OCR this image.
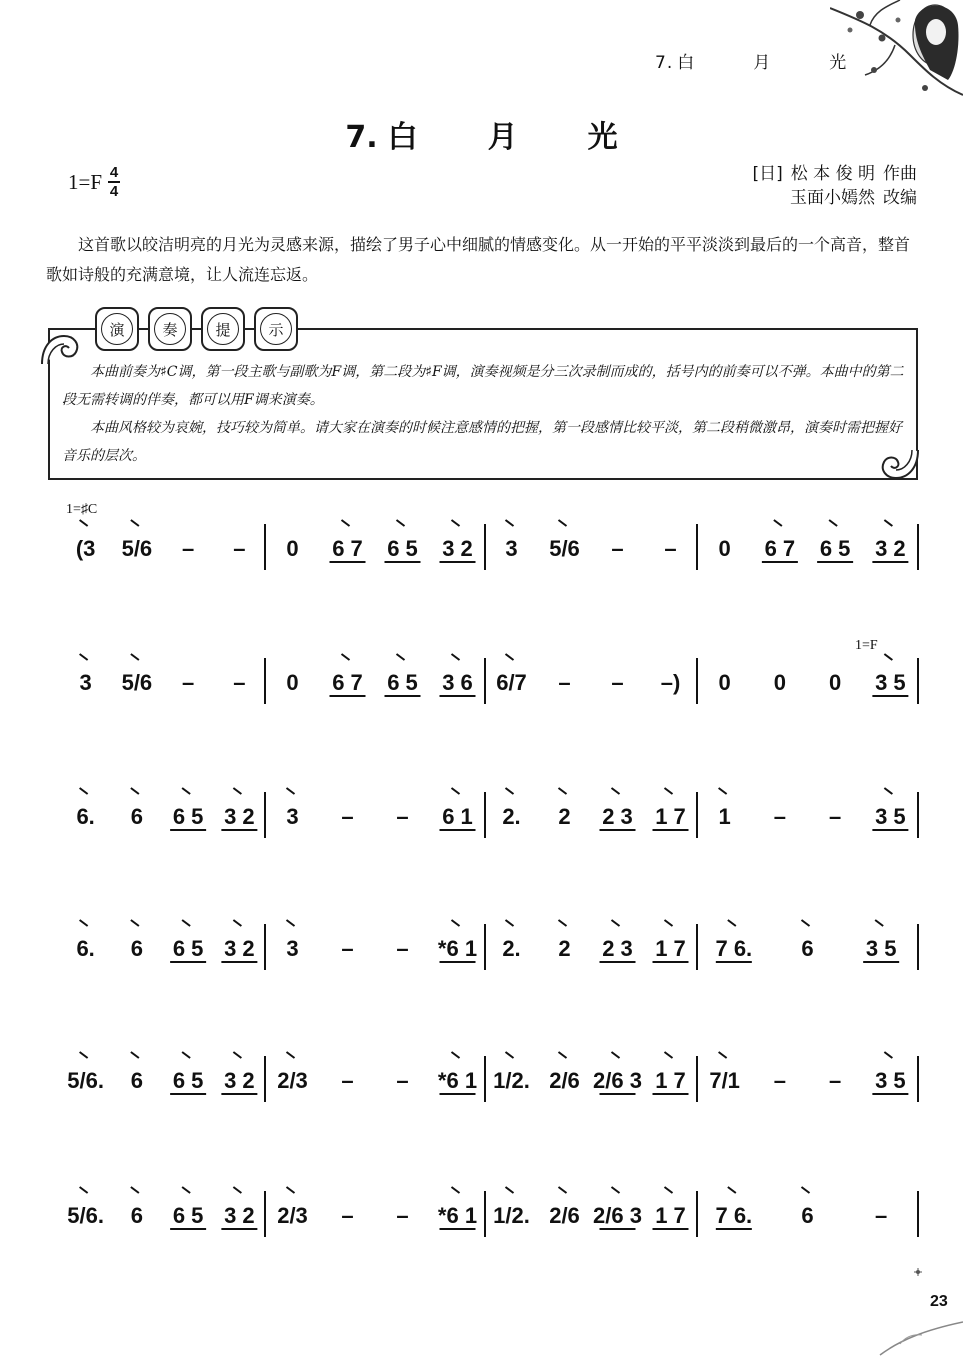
7. 白	月	光
7. 白 月 光
1=F 4
4
[日] 松 本 俊 明 作曲
玉面小嫣然 改编
这首歌以皎洁明亮的月光为灵感来源，描绘了男子心中细腻的情感变化。从一开始的平平淡淡到最后的一个高音，整首歌如诗般的充满意境，让人流连忘返。

本曲前奏为♯C调，第一段主歌与副歌为F调，第二段为♯F调，演奏视频是分三次录制而成的，括号内的前奏可以不弹。本曲中的第二段无需转调的伴奏，都可以用F调来演奏。

本曲风格较为哀婉，技巧较为简单。请大家在演奏的时候注意感情的把握，第一段感情比较平淡，第二段稍微激昂，演奏时需把握好音乐的层次。

演	奏	提	示
1=♯C
1=F
(3 5/6 – – 0 6 7 6 5 3 2 3 5/6 – – 0 6 7 6 5 3 2
3 5/6 – – 0 6 7 6 5 3 6 6/7 – – –) 0 0 0 3 5
6. 6 6 5 3 2 3 – – 6 1 2. 2 2 3 1 7 1 – – 3 5
6. 6 6 5 3 2 3 – – *6 1 2. 2 2 3 1 7 7 6. 6 3 5
5/6. 6 6 5 3 2 2/3 – – *6 1 1/2. 2/6 2/6 3 1 7 7/1 – – 3 5
5/6. 6 6 5 3 2 2/3 – – *6 1 1/2. 2/6 2/6 3 1 7 7 6. 6	–
23
